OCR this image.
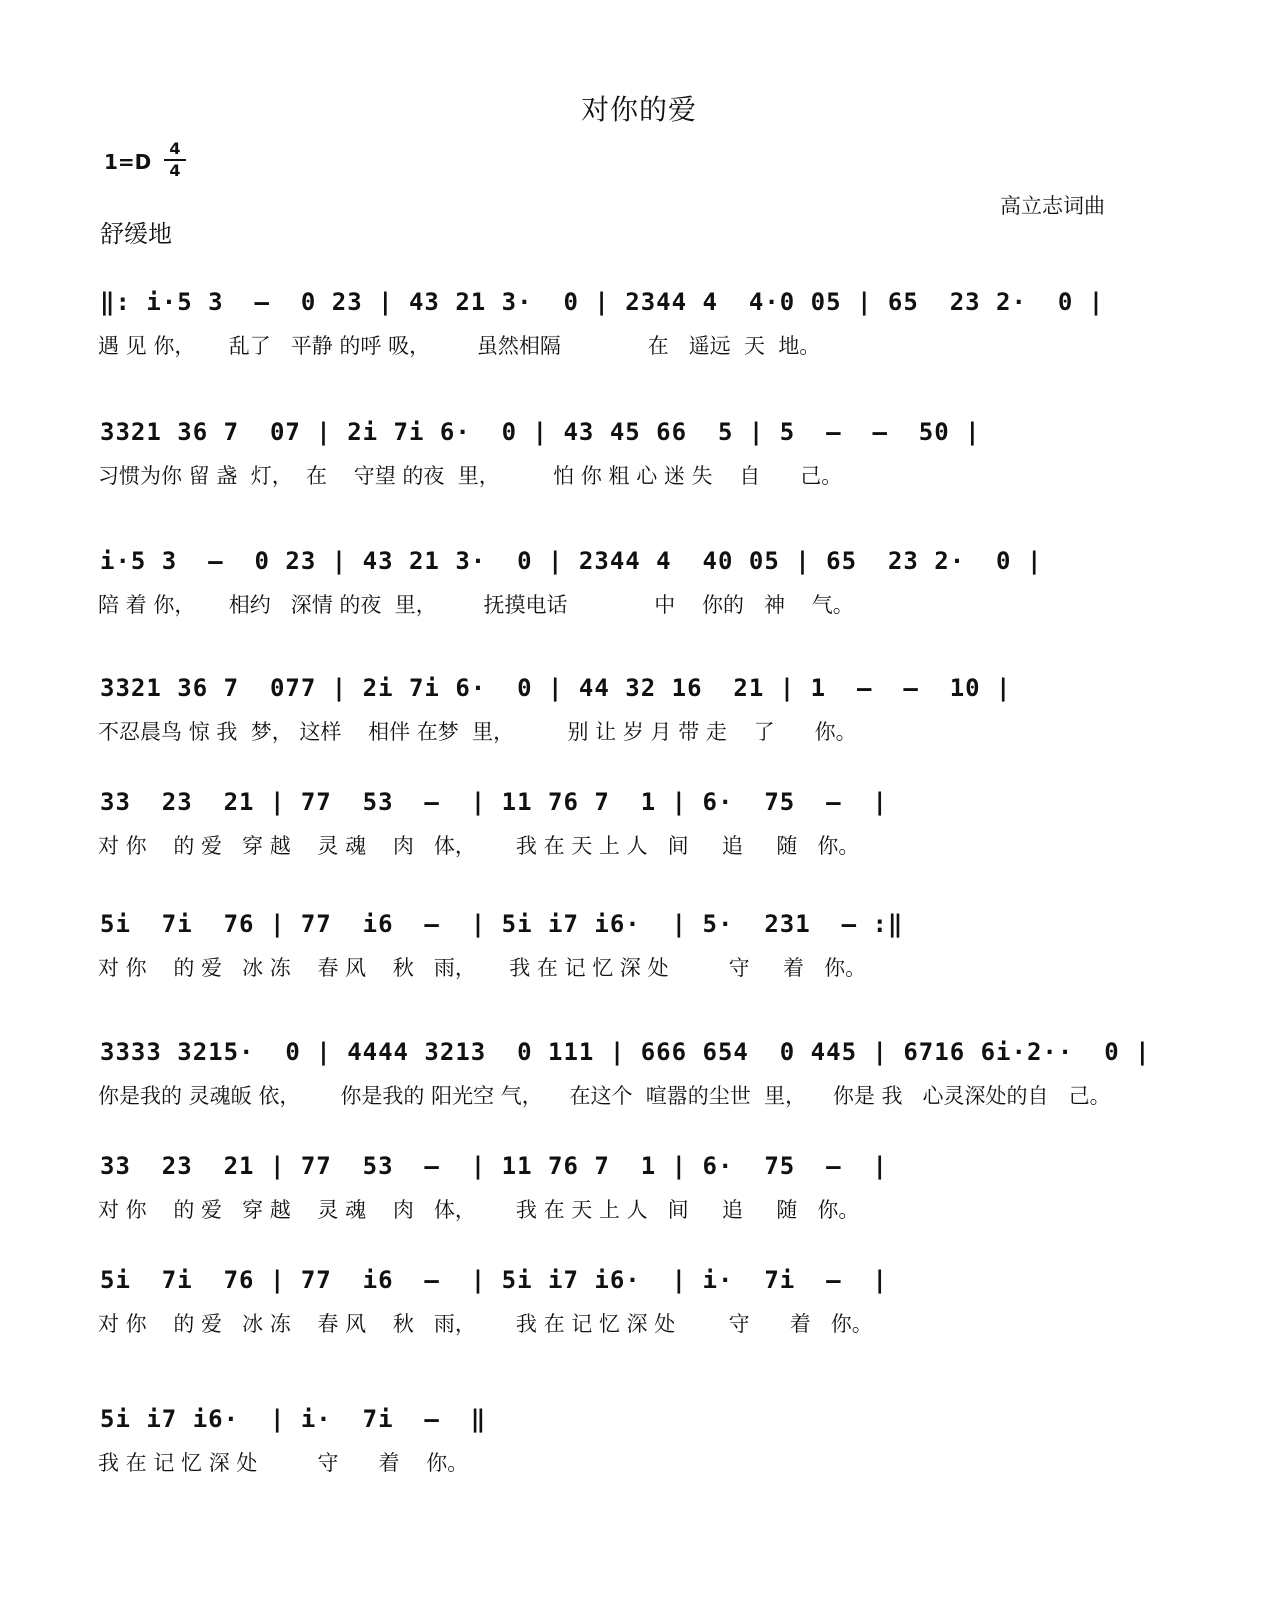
对你的爱
1=D
4
4
高立志词曲
舒缓地
‖: i·5 3  –  0 23 | 43 21 3·  0 | 2344 4  4·0 05 | 65  23 2·  0 |
遇 见 你，     乱了   平静 的呼 吸，       虽然相隔             在   遥远  天  地。
3321 36 7  07 | 2i 7i 6·  0 | 43 45 66  5 | 5  –  –  50 |
习惯为你 留 盏  灯，  在    守望 的夜  里，        怕 你 粗 心 迷 失    自      己。
i·5 3  –  0 23 | 43 21 3·  0 | 2344 4  40 05 | 65  23 2·  0 |
陪 着 你，     相约   深情 的夜  里，       抚摸电话             中    你的   神    气。
3321 36 7  077 | 2i 7i 6·  0 | 44 32 16  21 | 1  –  –  10 |
不忍晨鸟 惊 我  梦， 这样    相伴 在梦  里，        别 让 岁 月 带 走    了      你。
33  23  21 | 77  53  –  | 11 76 7  1 | 6·  75  –  |
对 你    的 爱   穿 越    灵 魂    肉   体，      我 在 天 上 人   间     追     随   你。
5i  7i  76 | 77  i6  –  | 5i i7 i6·  | 5·  231  – :‖
对 你    的 爱   冰 冻    春 风    秋   雨，     我 在 记 忆 深 处         守     着   你。
3333 3215·  0 | 4444 3213  0 111 | 666 654  0 445 | 6716 6i·2··  0 |
你是我的 灵魂皈 依，      你是我的 阳光空 气，    在这个  喧嚣的尘世  里，    你是 我   心灵深处的自   己。
33  23  21 | 77  53  –  | 11 76 7  1 | 6·  75  –  |
对 你    的 爱   穿 越    灵 魂    肉   体，      我 在 天 上 人   间     追     随   你。
5i  7i  76 | 77  i6  –  | 5i i7 i6·  | i·  7i  –  |
对 你    的 爱   冰 冻    春 风    秋   雨，      我 在 记 忆 深 处        守      着   你。
5i i7 i6·  | i·  7i  –  ‖
我 在 记 忆 深 处         守      着    你。
